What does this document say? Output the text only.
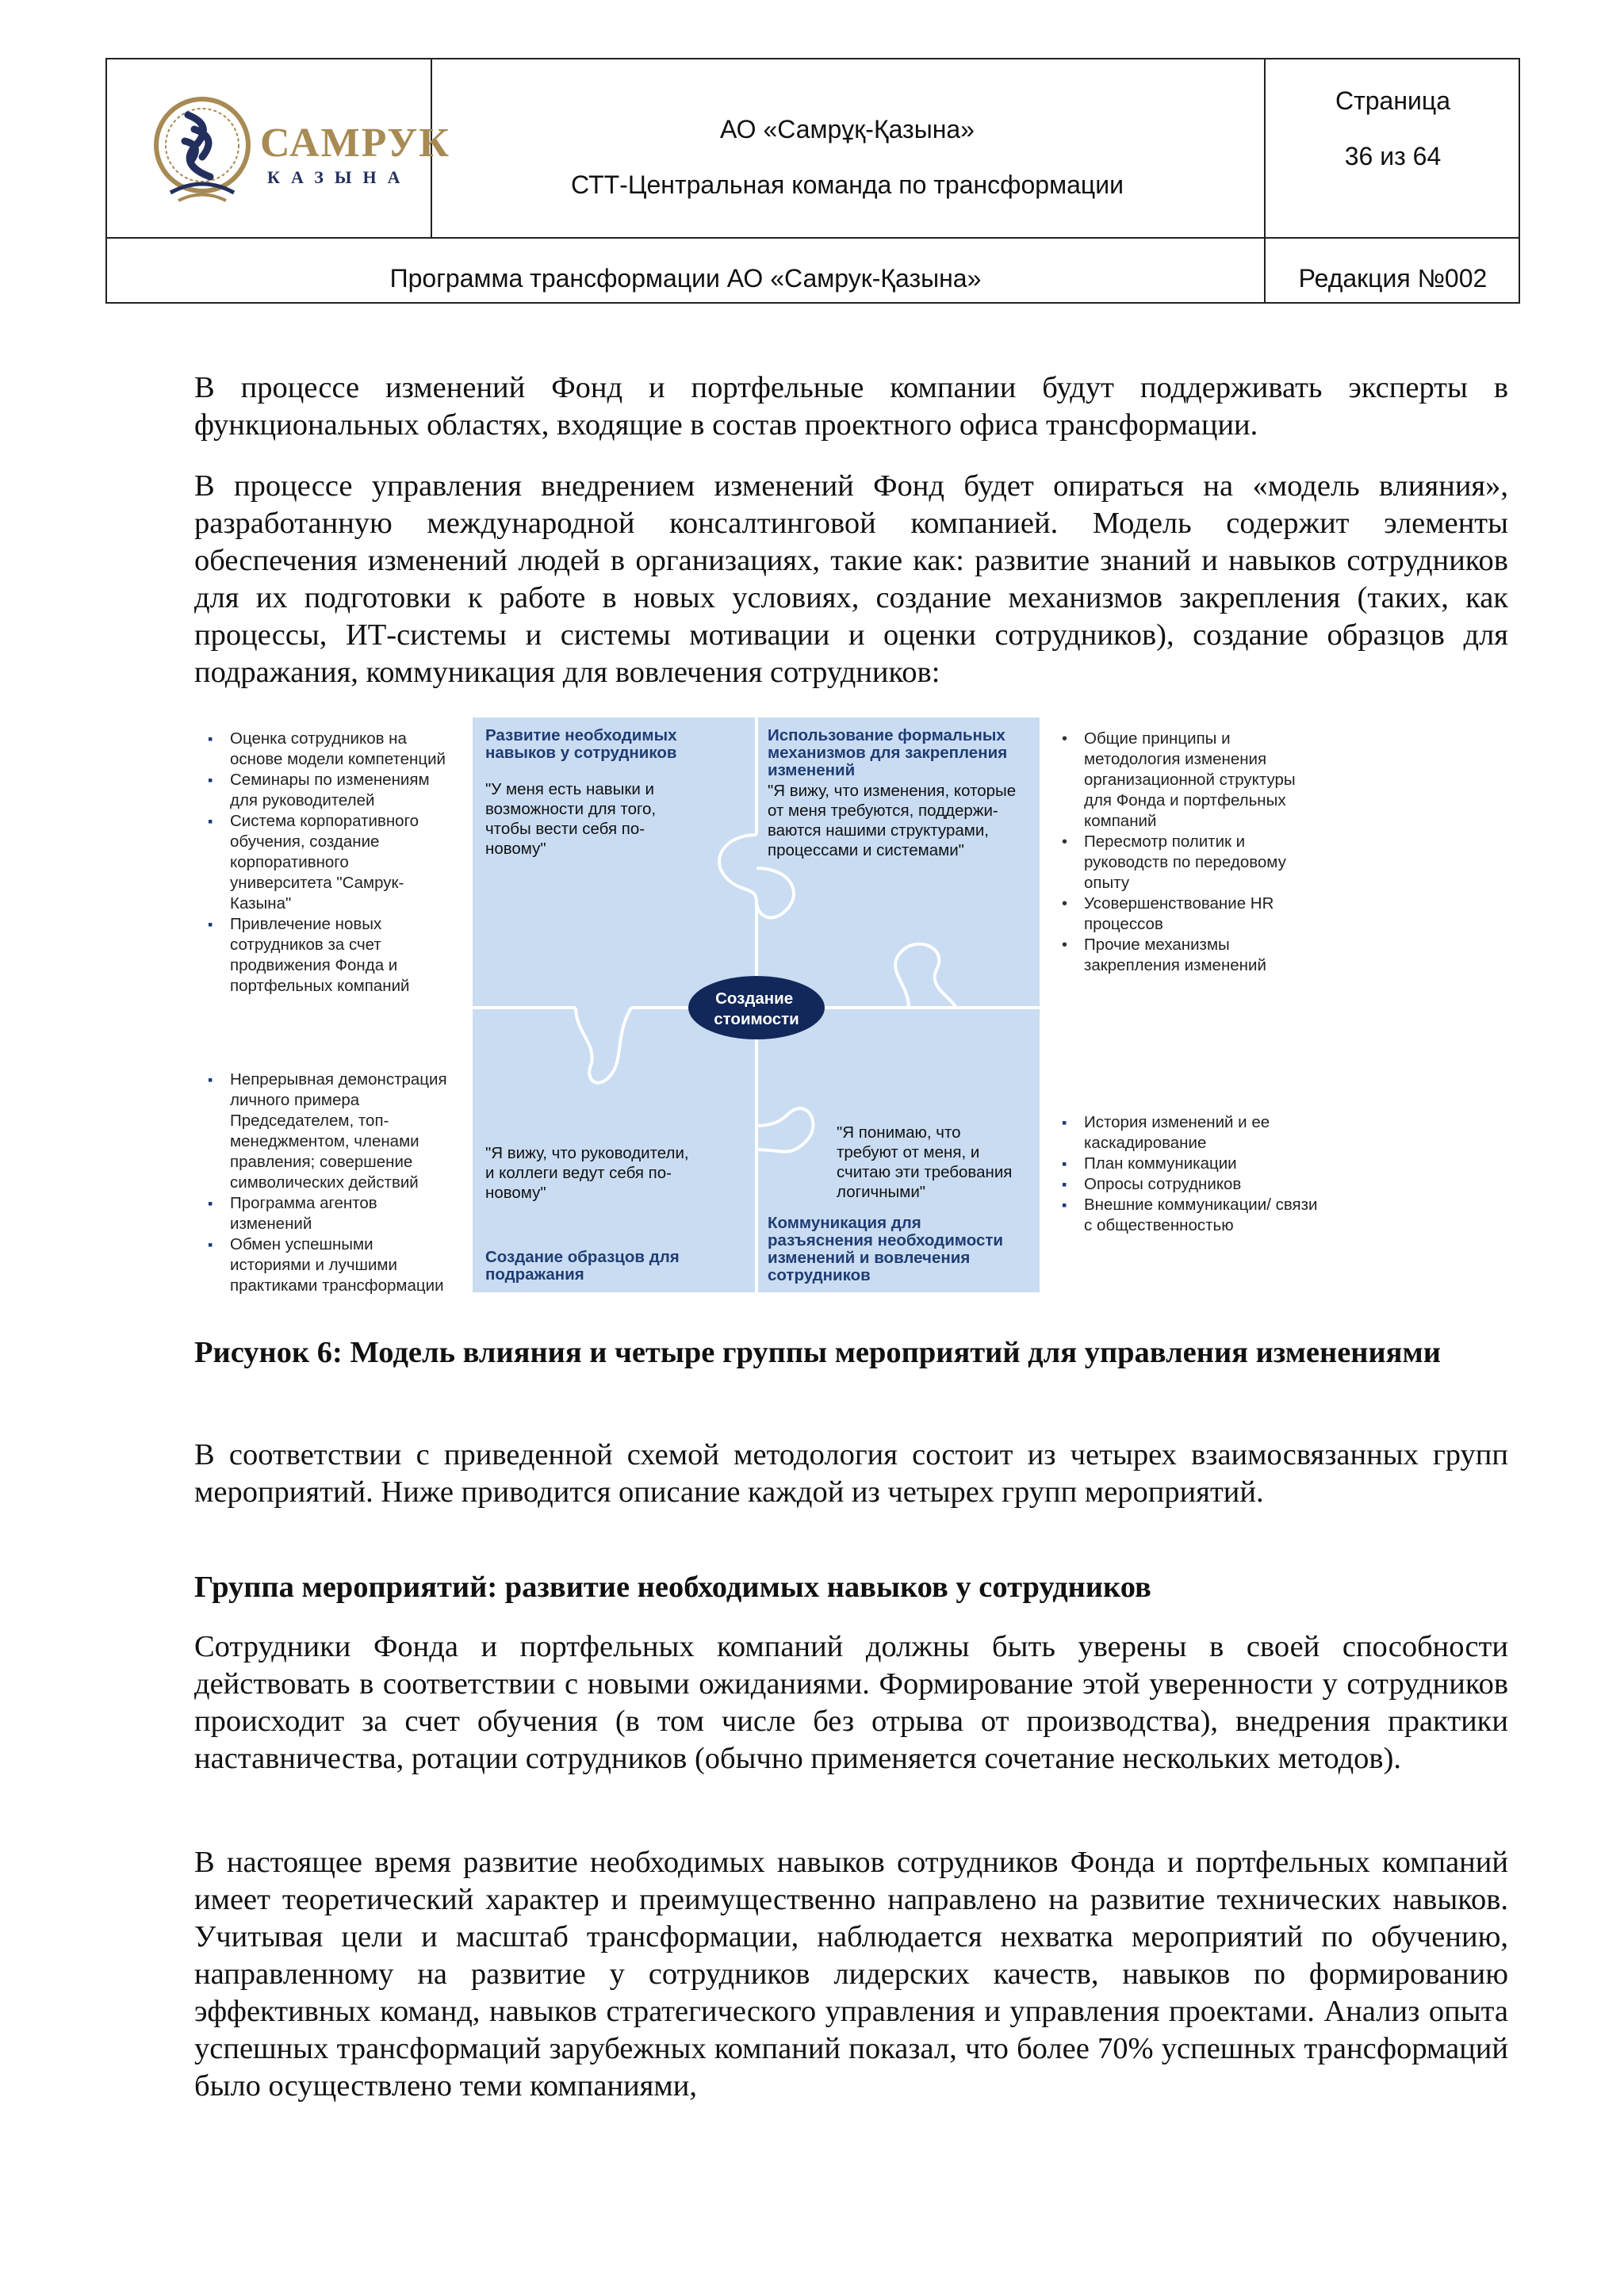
САМРУК
КАЗЫНА
АО «Самрұқ-Қазына»
СТТ-Центральная команда по трансформации
Страница
36 из 64
Программа трансформации АО «Самрук-Қазына»	Редакция №002

В процессе изменений Фонд и портфельные компании будут поддерживать эксперты в функциональных областях, входящие в состав проектного офиса трансформации.

В процессе управления внедрением изменений Фонд будет опираться на «модель влияния», разработанную международной консалтинговой компанией. Модель содержит элементы обеспечения изменений людей в организациях, такие как: развитие знаний и навыков сотрудников для их подготовки к работе в новых условиях, создание механизмов закрепления (таких, как процессы, ИТ-системы и системы мотивации и оценки сотрудников), создание образцов для подражания, коммуникация для вовлечения сотрудников:

Создание стоимости
Развитие необходимых
навыков у сотрудников
"У меня есть навыки и
возможности для того,
чтобы вести себя по-
новому"
Использование формальных
механизмов для закрепления
изменений
"Я вижу, что изменения, которые
от меня требуются, поддержи-
ваются нашими структурами,
процессами и системами"
"Я вижу, что руководители,
и коллеги ведут себя по-
новому"
Создание образцов для
подражания
"Я понимаю, что
требуют от меня, и
считаю эти требования
логичными"
Коммуникация для
разъяснения необходимости
изменений и вовлечения
сотрудников
▪ Оценка сотрудников на
основе модели компетенций
▪ Семинары по изменениям
для руководителей
▪ Система корпоративного
обучения, создание
корпоративного
университета "Самрук-
Казына"
▪ Привлечение новых
сотрудников за счет
продвижения Фонда и
портфельных компаний
▪ Непрерывная демонстрация
личного примера
Председателем, топ-
менеджментом, членами
правления; совершение
символических действий
▪ Программа агентов
изменений
▪ Обмен успешными
историями и лучшими
практиками трансформации
• Общие принципы и
методология изменения
организационной структуры
для Фонда и портфельных
компаний
• Пересмотр политик и
руководств по передовому
опыту
• Усовершенствование HR
процессов
• Прочие механизмы
закрепления изменений
▪ История изменений и ее
каскадирование
▪ План коммуникации
▪ Опросы сотрудников
▪ Внешние коммуникации/ связи
с общественностью

Рисунок 6: Модель влияния и четыре группы мероприятий для управления изменениями

В соответствии с приведенной схемой методология состоит из четырех взаимосвязанных групп мероприятий. Ниже приводится описание каждой из четырех групп мероприятий.

Группа мероприятий: развитие необходимых навыков у сотрудников

Сотрудники Фонда и портфельных компаний должны быть уверены в своей способности действовать в соответствии с новыми ожиданиями. Формирование этой уверенности у сотрудников происходит за счет обучения (в том числе без отрыва от производства), внедрения практики наставничества, ротации сотрудников (обычно применяется сочетание нескольких методов).

В настоящее время развитие необходимых навыков сотрудников Фонда и портфельных компаний имеет теоретический характер и преимущественно направлено на развитие технических навыков. Учитывая цели и масштаб трансформации, наблюдается нехватка мероприятий по обучению, направленному на развитие у сотрудников лидерских качеств, навыков по формированию эффективных команд, навыков стратегического управления и управления проектами. Анализ опыта успешных трансформаций зарубежных компаний показал, что более 70% успешных трансформаций было осуществлено теми компаниями,
